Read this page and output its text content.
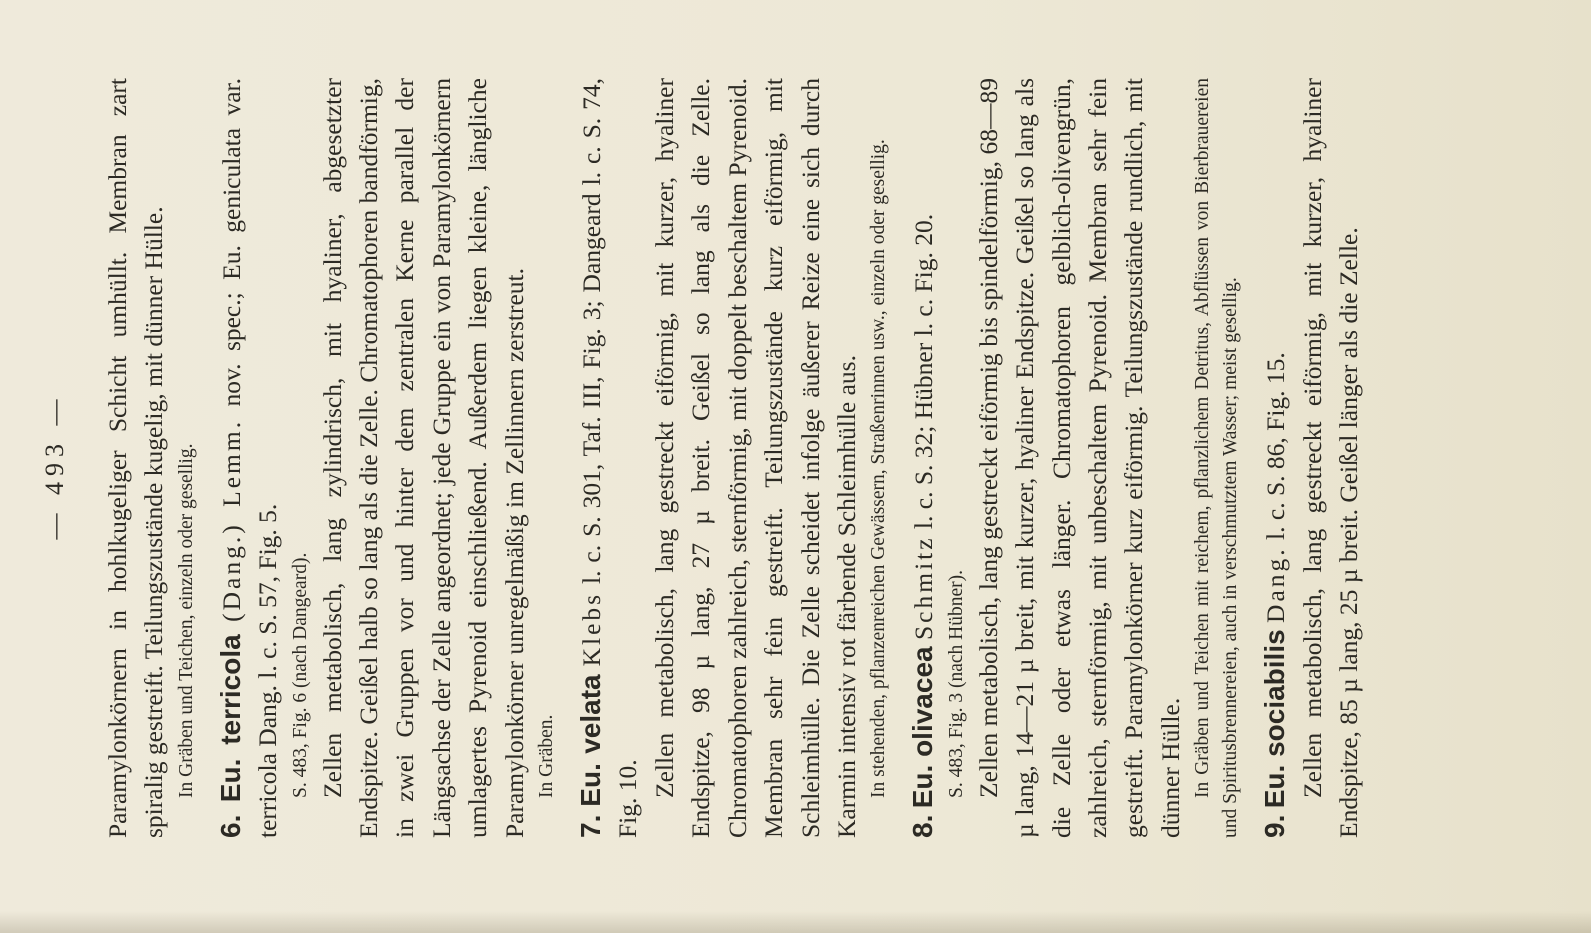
— 493 — Paramylonkörnern in hohlkugeliger Schicht umhüllt. Membran zart spiralig gestreift. Teilungszustände kugelig, mit dünner Hülle. In Gräben und Teichen, einzeln oder gesellig.

6. Eu. terricola (Dang.) Lemm. nov. spec.; Eu. geniculata var. terricola Dang. l. c. S. 57, Fig. 5. S. 483, Fig. 6 (nach Dangeard). Zellen metabolisch, lang zylindrisch, mit hyaliner, abgesetzter Endspitze. Geißel halb so lang als die Zelle. Chromatophoren bandförmig, in zwei Gruppen vor und hinter dem zentralen Kerne parallel der Längsachse der Zelle angeordnet; jede Gruppe ein von Paramylonkörnern umlagertes Pyrenoid einschließend. Außerdem liegen kleine, längliche Paramylonkörner unregelmäßig im Zellinnern zerstreut. In Gräben.

7. Eu. velata Klebs l. c. S. 301, Taf. III, Fig. 3; Dangeard l. c. S. 74, Fig. 10.

Zellen metabolisch, lang gestreckt eiförmig, mit kurzer, hyaliner Endspitze, 98 µ lang, 27 µ breit. Geißel so lang als die Zelle. Chromatophoren zahlreich, sternförmig, mit doppelt beschaltem Pyrenoid. Membran sehr fein gestreift. Teilungszustände kurz eiförmig, mit Schleimhülle. Die Zelle scheidet infolge äußerer Reize eine sich durch Karmin intensiv rot färbende Schleimhülle aus. In stehenden, pflanzenreichen Gewässern, Straßenrinnen usw., einzeln oder gesellig.

8. Eu. olivacea Schmitz l. c. S. 32; Hübner l. c. Fig. 20.

S. 483, Fig. 3 (nach Hübner). Zellen metabolisch, lang gestreckt eiförmig bis spindelförmig, 68—89 µ lang, 14—21 µ breit, mit kurzer, hyaliner Endspitze. Geißel so lang als die Zelle oder etwas länger. Chromatophoren gelblich-olivengrün, zahlreich, sternförmig, mit unbeschaltem Pyrenoid. Membran sehr fein gestreift. Paramylonkörner kurz eiförmig. Teilungszustände rundlich, mit dünner Hülle. In Gräben und Teichen mit reichem, pflanzlichem Detritus, Abflüssen von Bierbrauereien und Spiritusbrennereien, auch in verschmutztem Wasser; meist gesellig. 9. Eu. sociabilis Dang. l. c. S. 86, Fig. 15. Zellen metabolisch, lang gestreckt eiförmig, mit kurzer, hyaliner Endspitze, 85 µ lang, 25 µ breit. Geißel länger als die Zelle.
